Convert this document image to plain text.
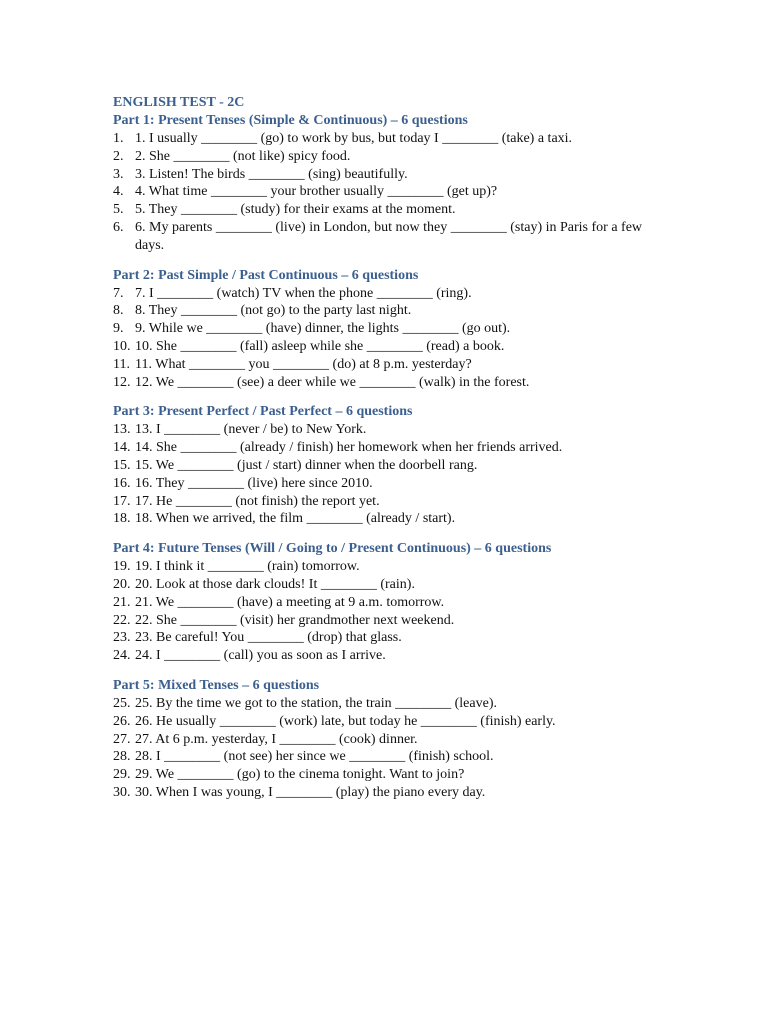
ENGLISH TEST - 2C
Part 1: Present Tenses (Simple & Continuous) – 6 questions
1. 1. I usually ________ (go) to work by bus, but today I ________ (take) a taxi.
2. 2. She ________ (not like) spicy food.
3. 3. Listen! The birds ________ (sing) beautifully.
4. 4. What time ________ your brother usually ________ (get up)?
5. 5. They ________ (study) for their exams at the moment.
6. 6. My parents ________ (live) in London, but now they ________ (stay) in Paris for a few days.
Part 2: Past Simple / Past Continuous – 6 questions
7. 7. I ________ (watch) TV when the phone ________ (ring).
8. 8. They ________ (not go) to the party last night.
9. 9. While we ________ (have) dinner, the lights ________ (go out).
10. 10. She ________ (fall) asleep while she ________ (read) a book.
11. 11. What ________ you ________ (do) at 8 p.m. yesterday?
12. 12. We ________ (see) a deer while we ________ (walk) in the forest.
Part 3: Present Perfect / Past Perfect – 6 questions
13. 13. I ________ (never / be) to New York.
14. 14. She ________ (already / finish) her homework when her friends arrived.
15. 15. We ________ (just / start) dinner when the doorbell rang.
16. 16. They ________ (live) here since 2010.
17. 17. He ________ (not finish) the report yet.
18. 18. When we arrived, the film ________ (already / start).
Part 4: Future Tenses (Will / Going to / Present Continuous) – 6 questions
19. 19. I think it ________ (rain) tomorrow.
20. 20. Look at those dark clouds! It ________ (rain).
21. 21. We ________ (have) a meeting at 9 a.m. tomorrow.
22. 22. She ________ (visit) her grandmother next weekend.
23. 23. Be careful! You ________ (drop) that glass.
24. 24. I ________ (call) you as soon as I arrive.
Part 5: Mixed Tenses – 6 questions
25. 25. By the time we got to the station, the train ________ (leave).
26. 26. He usually ________ (work) late, but today he ________ (finish) early.
27. 27. At 6 p.m. yesterday, I ________ (cook) dinner.
28. 28. I ________ (not see) her since we ________ (finish) school.
29. 29. We ________ (go) to the cinema tonight. Want to join?
30. 30. When I was young, I ________ (play) the piano every day.
